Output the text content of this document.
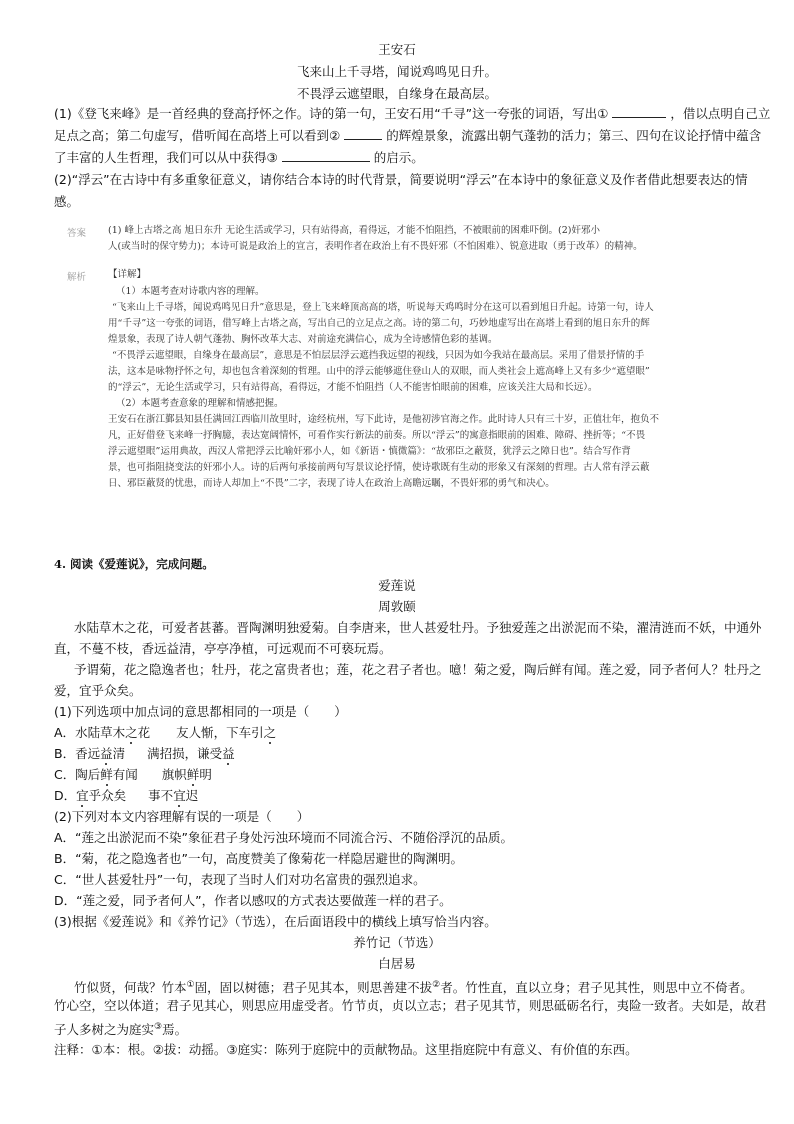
王安石
飞来山上千寻塔，闻说鸡鸣见日升。
不畏浮云遮望眼，自缘身在最高层。
(1)《登飞来峰》是一首经典的登高抒怀之作。诗的第一句，王安石用“千寻”这一夸张的词语，写出①	，借以点明自己立
足点之高；第二句虚写，借听闻在高塔上可以看到②	的辉煌景象，流露出朝气蓬勃的活力；第三、四句在议论抒情中蕴含
了丰富的人生哲理，我们可以从中获得③	的启示。
(2)“浮云”在古诗中有多重象征意义，请你结合本诗的时代背景，简要说明“浮云”在本诗中的象征意义及作者借此想要表达的情
感。
答案 (1) 峰上古塔之高 旭日东升 无论生活或学习，只有站得高，看得远，才能不怕阻挡，不被眼前的困难吓倒。(2)奸邪小
人(或当时的保守势力)；本诗可说是政治上的宣言，表明作者在政治上有不畏奸邪（不怕困难）、锐意进取（勇于改革）的精神。
解析 【详解】
（1）本题考查对诗歌内容的理解。
“飞来山上千寻塔，闻说鸡鸣见日升”意思是，登上飞来峰顶高高的塔，听说每天鸡鸣时分在这可以看到旭日升起。诗第一句，诗人
用“千寻”这一夸张的词语，借写峰上古塔之高，写出自己的立足点之高。诗的第二句，巧妙地虚写出在高塔上看到的旭日东升的辉
煌景象，表现了诗人朝气蓬勃、胸怀改革大志、对前途充满信心，成为全诗感情色彩的基调。
“不畏浮云遮望眼，自缘身在最高层”，意思是不怕层层浮云遮挡我远望的视线，只因为如今我站在最高层。采用了借景抒情的手
法，这本是咏物抒怀之句，却也包含着深刻的哲理。山中的浮云能够遮住登山人的双眼，而人类社会上遮高峰上又有多少“遮望眼”
的“浮云”，无论生活或学习，只有站得高，看得远，才能不怕阻挡（人不能害怕眼前的困难，应该关注大局和长远）。
（2）本题考查意象的理解和情感把握。
王安石在浙江鄞县知县任满回江西临川故里时，途经杭州，写下此诗，是他初涉官海之作。此时诗人只有三十岁，正值壮年，抱负不
凡，正好借登飞来峰一抒胸臆，表达宽阔情怀，可看作实行新法的前奏。所以“浮云”的寓意指眼前的困难、障碍、挫折等；“不畏
浮云遮望眼”运用典故，西汉人常把浮云比喻奸邪小人，如《新语・慎微篇》：“故邪臣之蔽贤，犹浮云之障日也”。结合写作背
景，也可指阻挠变法的奸邪小人。诗的后两句承接前两句写景议论抒情，使诗歌既有生动的形象又有深刻的哲理。古人常有浮云蔽
日、邪臣蔽贤的忧患，而诗人却加上“不畏”二字，表现了诗人在政治上高瞻远瞩，不畏奸邪的勇气和决心。
4. 阅读《爱莲说》，完成问题。
爱莲说
周敦颐
水陆草木之花，可爱者甚蕃。晋陶渊明独爱菊。自李唐来，世人甚爱牡丹。予独爱莲之出淤泥而不染，濯清涟而不妖，中通外
直，不蔓不枝，香远益清，亭亭净植，可远观而不可亵玩焉。
予谓菊，花之隐逸者也；牡丹，花之富贵者也；莲，花之君子者也。噫！菊之爱，陶后鲜有闻。莲之爱，同予者何人？牡丹之
爱，宜乎众矣。
(1)下列选项中加点词的意思都相同的一项是（　　）
A．水陆草木之花 友人惭，下车引之
B．香远益清 满招损，谦受益
C．陶后鲜有闻 旗帜鲜明
D．宜乎众矣 事不宜迟
(2)下列对本文内容理解有误的一项是（　　）
A．“莲之出淤泥而不染”象征君子身处污浊环境而不同流合污、不随俗浮沉的品质。
B．“菊，花之隐逸者也”一句，高度赞美了像菊花一样隐居避世的陶渊明。
C．“世人甚爱牡丹”一句，表现了当时人们对功名富贵的强烈追求。
D．“莲之爱，同予者何人”，作者以感叹的方式表达要做莲一样的君子。
(3)根据《爱莲说》和《养竹记》（节选），在后面语段中的横线上填写恰当内容。
养竹记（节选）
白居易
竹似贤，何哉？竹本①固，固以树德；君子见其本，则思善建不拔②者。竹性直，直以立身；君子见其性，则思中立不倚者。
竹心空，空以体道；君子见其心，则思应用虚受者。竹节贞，贞以立志；君子见其节，则思砥砺名行，夷险一致者。夫如是，故君
子人多树之为庭实③焉。
注释：①本：根。②拔：动摇。③庭实：陈列于庭院中的贡献物品。这里指庭院中有意义、有价值的东西。
